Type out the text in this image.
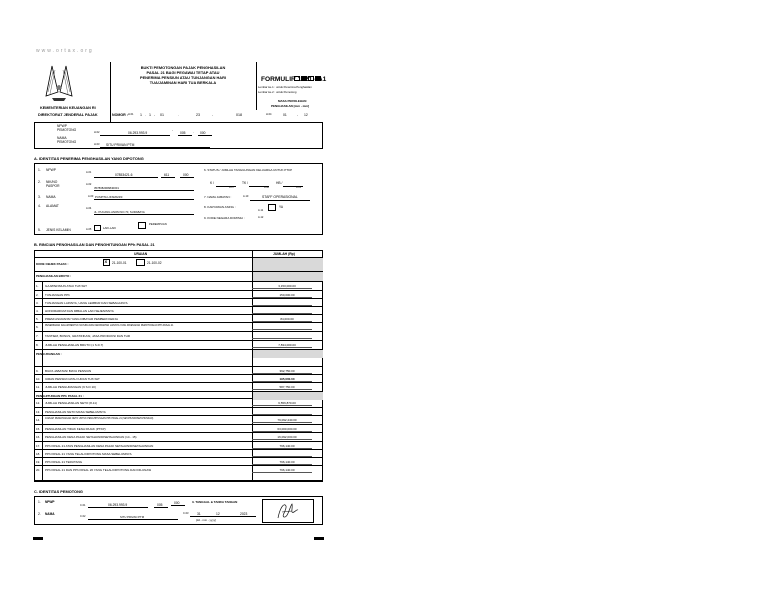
www.ortax.org
KEMENTERIAN KEUANGAN RI
DIREKTORAT JENDERAL PAJAK
BUKTI PEMOTONGAN PAJAK PENGHASILAN
PASAL 21 BAGI PEGAWAI TETAP ATAU
PENERIMA PENSIUN ATAU TUNJANGAN HARI
TUA/JAMINAN HARI TUA BERKALA	FORMULIR 1721 - A1
Lembar ke-1 : untuk Penerima Penghasilan
Lembar ke-2 : untuk Pemotong
MASA PEROLEHAN
PENGHASILAN [mm - mm]
H.04	01	- 12
NOMOR : H.01 1 . 1 - 01	.	23	-	018
NPWP
PEMOTONG
H.02	06.293.993.9
-
005 . 000
NAMA
PEMOTONG
H.03 SITU PRIVAN PTM
A. IDENTITAS PENERIMA PENGHASILAN YANG DIPOTONG
1. NPWP
A.01
07853421.6	611	000
2. NIK/NO PASPOR	A.02
3578082906840001
3. NAMA	A.03 PUSPITA LIKSMANNI
4. ALAMAT
A.04
JL. PUCANG ANOM NO.70, SURABAYA
5. JENIS KELAMIN	A.05	LAKI-LAKI
PEREMPUAN
6. STATUS / JUMLAH TANGGUNGAN KELUARGA UNTUK PTKP
K /	TK /	HB /
A.07	A.08	A.09
7. NAMA JABATAN :	A.10	STAFF OPERASIONAL
8. KARYAWAN ASING :
A.11
YA
9. KODE NEGARA DOMISILI :	A.12
B. RINCIAN PENGHASILAN DAN PENGHITUNGAN PPh PASAL 21
URAIAN	JUMLAH (Rp)
KODE OBJEK PAJAK :	X 21-100-01	21-100-02
PENGHASILAN BRUTO :
1. GAJI/PENSIUN ATAU THT/JHT	3,150,000.00
2. TUNJANGAN PPh	150,000.00
3. TUNJANGAN LAINNYA, UANG LEMBUR DAN SEBAGAINYA
4. HONORARIUM DAN IMBALAN LAIN SEJENISNYA
5. PREMI ASURANSI YANG DIBAYAR PEMBERI KERJA	84,000.00
6.	PENERIMAAN DALAM BENTUK NATURA DAN KENIKMATAN LAINNYA YANG DIKENAKAN PEMOTONGAN PPh PASAL 21
7. TANTIEM, BONUS, GRATIFIKASI, JASA PRODUKSI DAN THR
8. JUMLAH PENGHASILAN BRUTO (1 S.D.7)	7,834,000.00
9. BIAYA JABATAN/ BIAYA PENSIUN	392,750.00
10. IURAN PENSIUN ATAU IURAN THT/JHT	195,000.00
11. JUMLAH PENGURANGAN (9 S.D 10)	587,750.00
12. JUMLAH PENGHASILAN NETO (8-11)	6,556,870.00
13. PENGHASILAN NETO MASA SEBELUMNYA
14. JUMLAH PENGHASILAN NETO UNTUK PENGHITUNGAN PPh PASAL 21 (SETAHUN/DISETAHUNKAN)	79,092,440.00
15. PENGHASILAN TIDAK KENA PAJAK (PTKP)	63,000,000.00
16. PENGHASILAN KENA PAJAK SETAHUN/DISETAHUNKAN (14 - 15)	16,092,000.00
17. PPh PASAL 21 ATAS PENGHASILAN KENA PAJAK SETAHUN/DISETAHUNKAN	796,140.00
18. PPh PASAL 21 YANG TELAH DIPOTONG MASA SEBELUMNYA
19. PPh PASAL 21 TERUTANG	796,140.00
20. PPh PASAL 21 DAN PPh PASAL 26 YANG TELAH DIPOTONG DAN DILUNASI	796,140.00
PENGURANGAN :
PENGHITUNGAN PPh PASAL 21 :
C. IDENTITAS PEMOTONG
1. NPWP
C.01	06.293.993.9	005	000	3. TANGGAL & TANDA TANGAN
2. NAMA
C.02	SITU PRIVAN PTM
C.03	31	12	2023
[dd - mm - yyyy]
